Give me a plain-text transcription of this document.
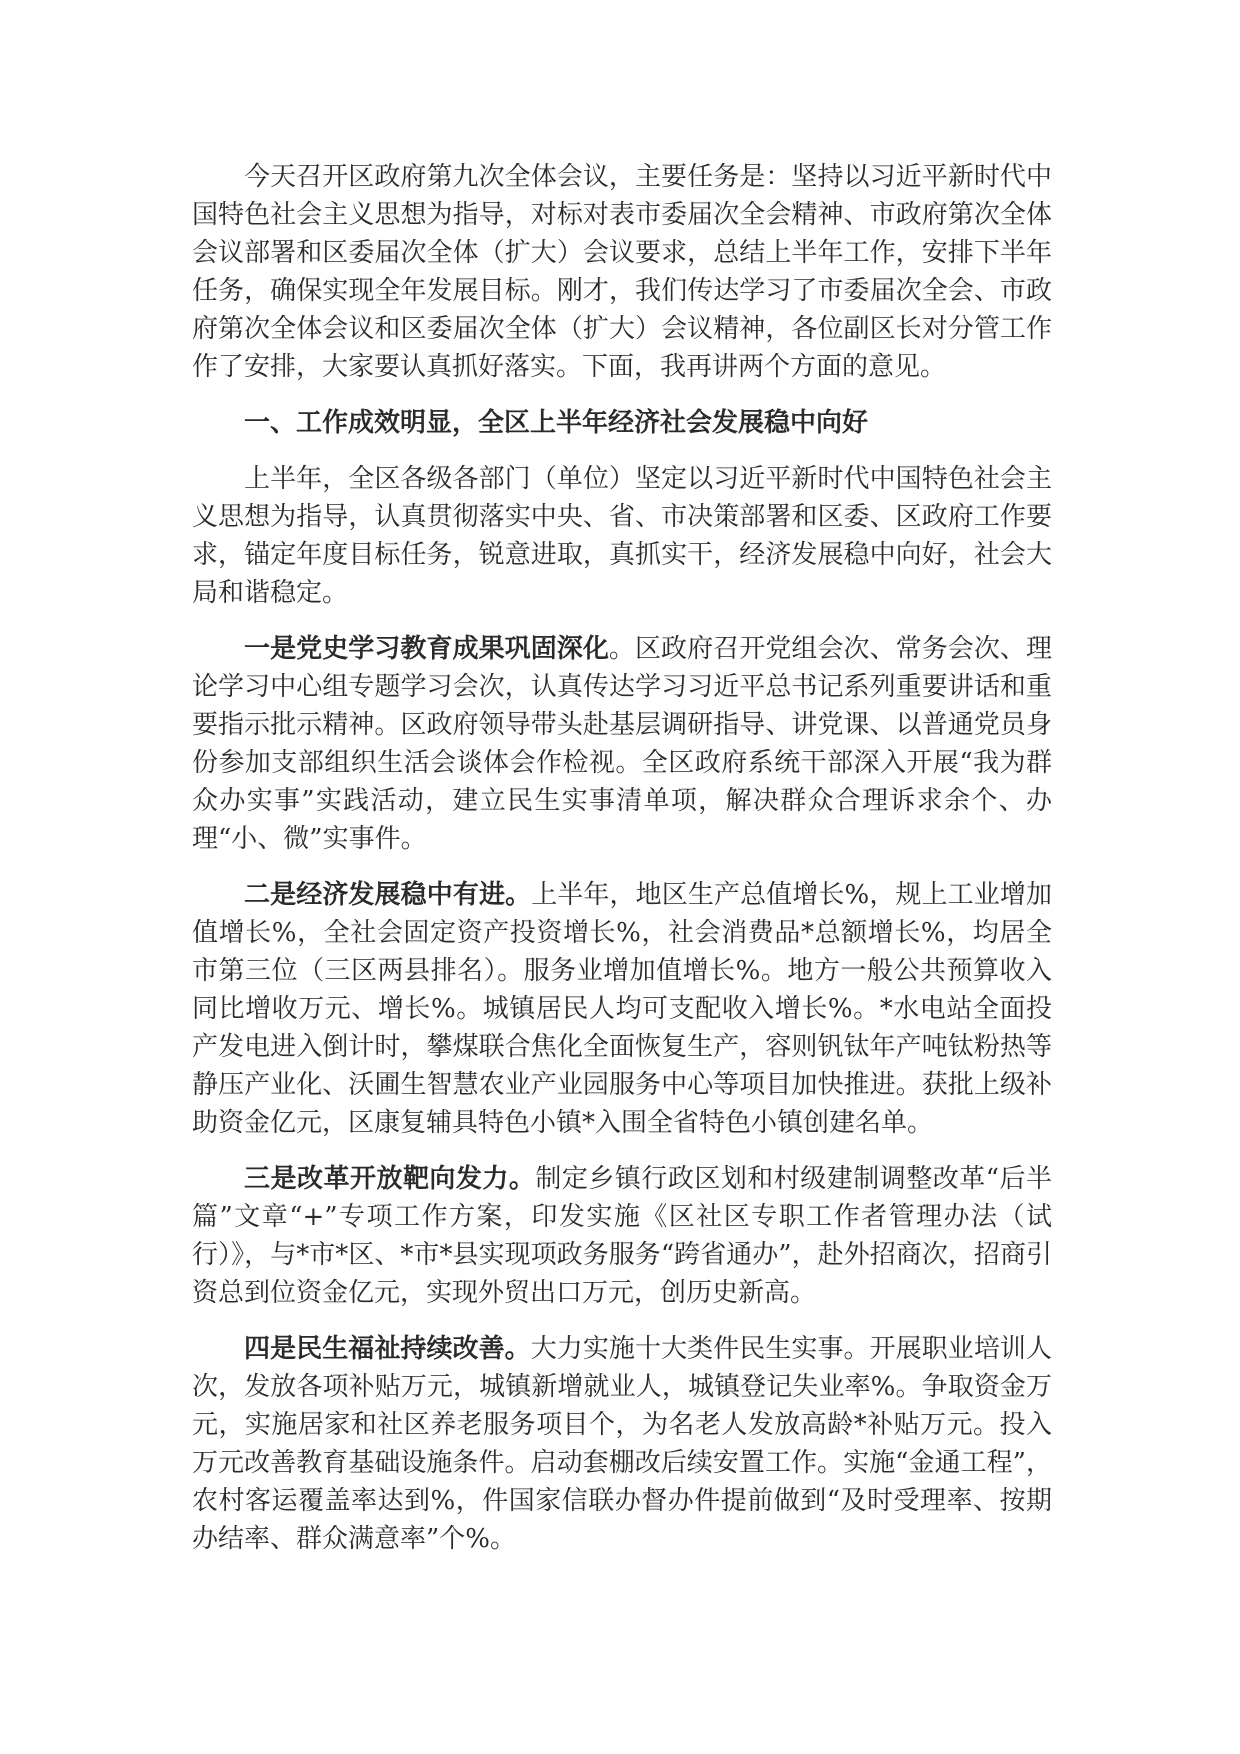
今天召开区政府第九次全体会议，主要任务是：坚持以习近平新时代中国特色社会主义思想为指导，对标对表市委届次全会精神、市政府第次全体会议部署和区委届次全体（扩大）会议要求，总结上半年工作，安排下半年任务，确保实现全年发展目标。刚才，我们传达学习了市委届次全会、市政府第次全体会议和区委届次全体（扩大）会议精神，各位副区长对分管工作作了安排，大家要认真抓好落实。下面，我再讲两个方面的意见。

一、工作成效明显，全区上半年经济社会发展稳中向好

上半年，全区各级各部门（单位）坚定以习近平新时代中国特色社会主义思想为指导，认真贯彻落实中央、省、市决策部署和区委、区政府工作要求，锚定年度目标任务，锐意进取，真抓实干，经济发展稳中向好，社会大局和谐稳定。

一是党史学习教育成果巩固深化。区政府召开党组会次、常务会次、理论学习中心组专题学习会次，认真传达学习习近平总书记系列重要讲话和重要指示批示精神。区政府领导带头赴基层调研指导、讲党课、以普通党员身份参加支部组织生活会谈体会作检视。全区政府系统干部深入开展“我为群众办实事”实践活动，建立民生实事清单项，解决群众合理诉求余个、办理“小、微”实事件。

二是经济发展稳中有进。上半年，地区生产总值增长%，规上工业增加值增长%，全社会固定资产投资增长%，社会消费品*总额增长%，均居全市第三位（三区两县排名）。服务业增加值增长%。地方一般公共预算收入同比增收万元、增长%。城镇居民人均可支配收入增长%。*水电站全面投产发电进入倒计时，攀煤联合焦化全面恢复生产，容则钒钛年产吨钛粉热等静压产业化、沃圃生智慧农业产业园服务中心等项目加快推进。获批上级补助资金亿元，区康复辅具特色小镇*入围全省特色小镇创建名单。

三是改革开放靶向发力。制定乡镇行政区划和村级建制调整改革“后半篇”文章“+”专项工作方案，印发实施《区社区专职工作者管理办法（试行）》，与*市*区、*市*县实现项政务服务“跨省通办”，赴外招商次，招商引资总到位资金亿元，实现外贸出口万元，创历史新高。

四是民生福祉持续改善。大力实施十大类件民生实事。开展职业培训人次，发放各项补贴万元，城镇新增就业人，城镇登记失业率%。争取资金万元，实施居家和社区养老服务项目个，为名老人发放高龄*补贴万元。投入万元改善教育基础设施条件。启动套棚改后续安置工作。实施“金通工程”，农村客运覆盖率达到%，件国家信联办督办件提前做到“及时受理率、按期办结率、群众满意率”个%。
